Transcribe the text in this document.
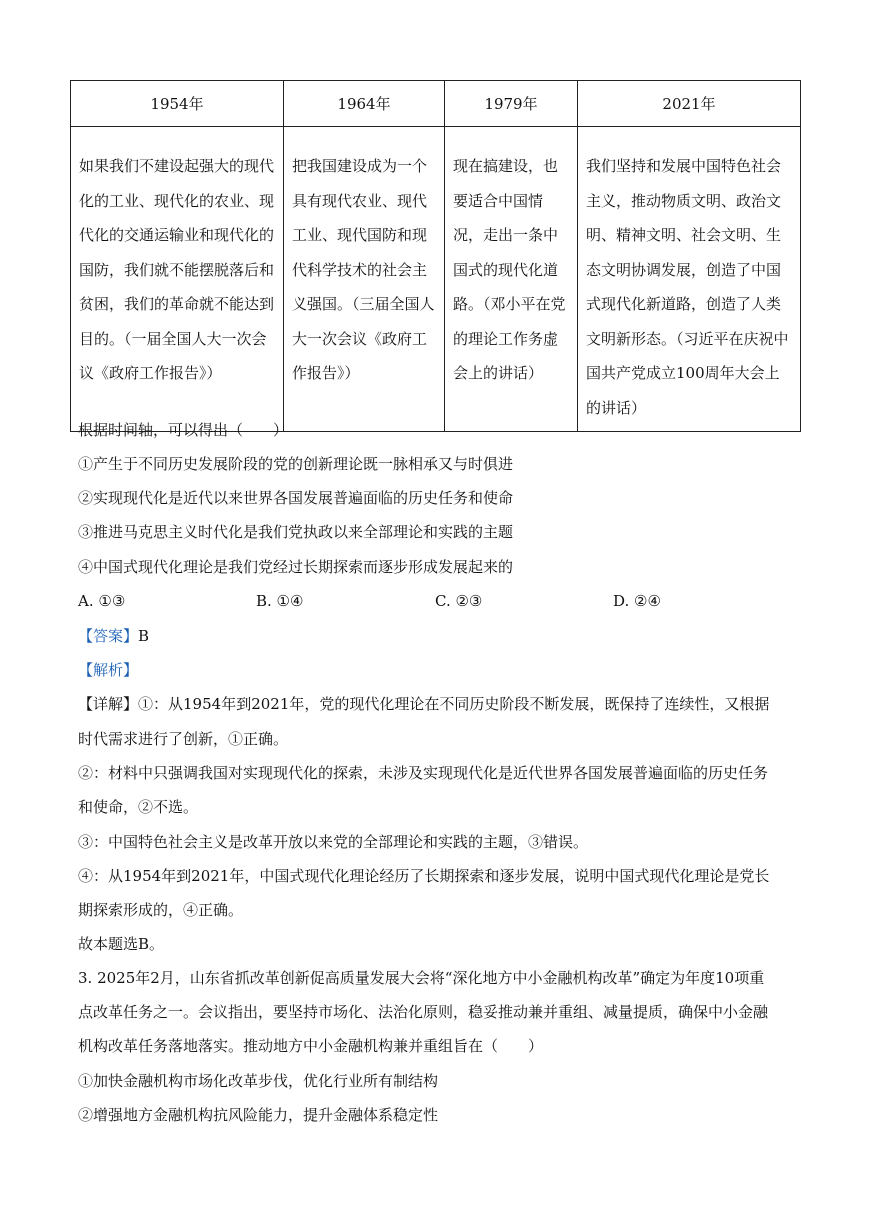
1954年	1964年	1979年	2021年
如果我们不建设起强大的现代化的工业、现代化的农业、现代化的交通运输业和现代化的国防，我们就不能摆脱落后和贫困，我们的革命就不能达到目的。（一届全国人大一次会议《政府工作报告》）	把我国建设成为一个具有现代农业、现代工业、现代国防和现代科学技术的社会主义强国。（三届全国人大一次会议《政府工作报告》）	现在搞建设，也要适合中国情况，走出一条中国式的现代化道路。（邓小平在党的理论工作务虚会上的讲话）	我们坚持和发展中国特色社会主义，推动物质文明、政治文明、精神文明、社会文明、生态文明协调发展，创造了中国式现代化新道路，创造了人类文明新形态。（习近平在庆祝中国共产党成立100周年大会上的讲话）
根据时间轴，可以得出（　　）
①产生于不同历史发展阶段的党的创新理论既一脉相承又与时俱进
②实现现代化是近代以来世界各国发展普遍面临的历史任务和使命
③推进马克思主义时代化是我们党执政以来全部理论和实践的主题
④中国式现代化理论是我们党经过长期探索而逐步形成发展起来的
A. ①③	B. ①④	C. ②③	D. ②④
【答案】B
【解析】
【详解】①：从1954年到2021年，党的现代化理论在不同历史阶段不断发展，既保持了连续性，又根据
时代需求进行了创新，①正确。
②：材料中只强调我国对实现现代化的探索，未涉及实现现代化是近代世界各国发展普遍面临的历史任务
和使命，②不选。
③：中国特色社会主义是改革开放以来党的全部理论和实践的主题，③错误。
④：从1954年到2021年，中国式现代化理论经历了长期探索和逐步发展，说明中国式现代化理论是党长
期探索形成的，④正确。
故本题选B。
3. 2025年2月，山东省抓改革创新促高质量发展大会将“深化地方中小金融机构改革”确定为年度10项重
点改革任务之一。会议指出，要坚持市场化、法治化原则，稳妥推动兼并重组、减量提质，确保中小金融
机构改革任务落地落实。推动地方中小金融机构兼并重组旨在（　　）
①加快金融机构市场化改革步伐，优化行业所有制结构
②增强地方金融机构抗风险能力，提升金融体系稳定性
